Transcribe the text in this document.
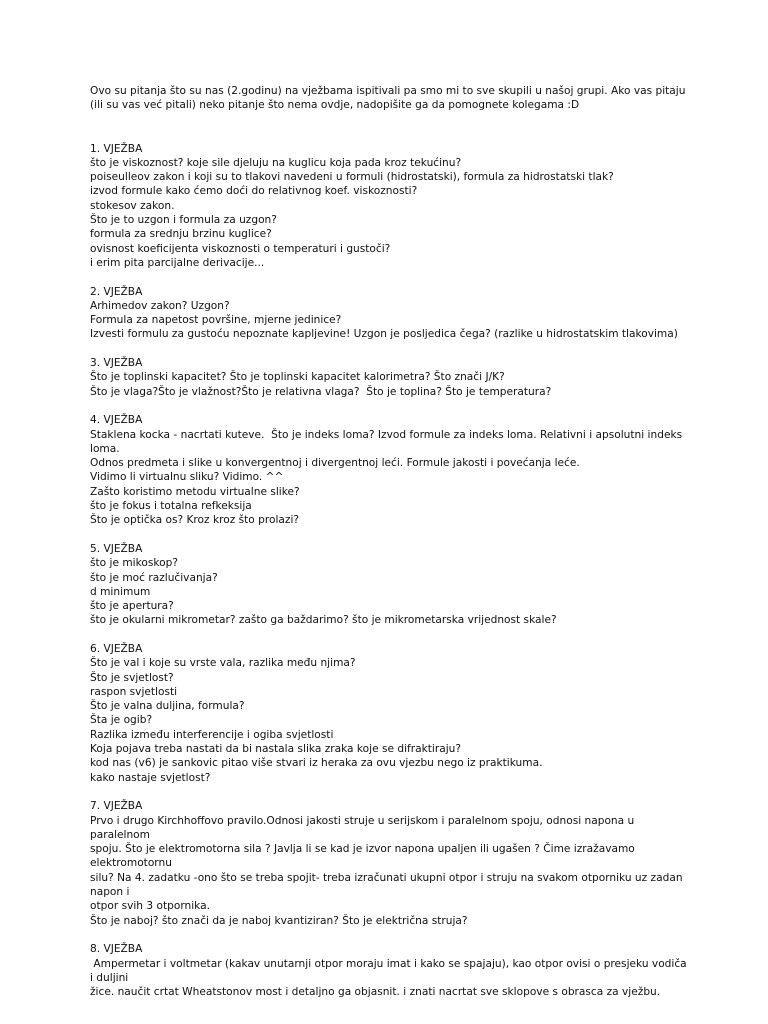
Ovo su pitanja što su nas (2.godinu) na vježbama ispitivali pa smo mi to sve skupili u našoj grupi. Ako vas pitaju (ili su vas već pitali) neko pitanje što nema ovdje, nadopišite ga da pomognete kolegama :D

1. VJEŽBA
što je viskoznost? koje sile djeluju na kuglicu koja pada kroz tekućinu?
poiseulleov zakon i koji su to tlakovi navedeni u formuli (hidrostatski), formula za hidrostatski tlak?
izvod formule kako ćemo doći do relativnog koef. viskoznosti?
stokesov zakon.
Što je to uzgon i formula za uzgon?
formula za srednju brzinu kuglice?
ovisnost koeficijenta viskoznosti o temperaturi i gustoči?
i erim pita parcijalne derivacije...
2. VJEŽBA
Arhimedov zakon? Uzgon?
Formula za napetost površine, mjerne jedinice?
Izvesti formulu za gustoću nepoznate kapljevine! Uzgon je posljedica čega? (razlike u hidrostatskim tlakovima)
3. VJEŽBA
Što je toplinski kapacitet? Što je toplinski kapacitet kalorimetra? Što znači J/K?
Što je vlaga?Što je vlažnost?Što je relativna vlaga?  Što je toplina? Što je temperatura?
4. VJEŽBA
Staklena kocka - nacrtati kuteve.  Što je indeks loma? Izvod formule za indeks loma. Relativni i apsolutni indeks loma.
Odnos predmeta i slike u konvergentnoj i divergentnoj leći. Formule jakosti i povećanja leće.
Vidimo li virtualnu sliku? Vidimo. ^^
Zašto koristimo metodu virtualne slike?
što je fokus i totalna refkeksija
Što je optička os? Kroz kroz što prolazi?
5. VJEŽBA
što je mikoskop?
što je moć razlučivanja?
d minimum
što je apertura?
što je okularni mikrometar? zašto ga baždarimo? što je mikrometarska vrijednost skale?
6. VJEŽBA
Što je val i koje su vrste vala, razlika među njima?
Što je svjetlost?
raspon svjetlosti
Što je valna duljina, formula?
Šta je ogib?
Razlika između interferencije i ogiba svjetlosti
Koja pojava treba nastati da bi nastala slika zraka koje se difraktiraju?
kod nas (v6) je sankovic pitao više stvari iz heraka za ovu vjezbu nego iz praktikuma.
kako nastaje svjetlost?
7. VJEŽBA
Prvo i drugo Kirchhoffovo pravilo.Odnosi jakosti struje u serijskom i paralelnom spoju, odnosi napona u paralelnom
spoju. Što je elektromotorna sila ? Javlja li se kad je izvor napona upaljen ili ugašen ? Čime izražavamo elektromotornu
silu? Na 4. zadatku -ono što se treba spojit- treba izračunati ukupni otpor i struju na svakom otporniku uz zadan napon i
otpor svih 3 otpornika.
Što je naboj? što znači da je naboj kvantiziran? Što je električna struja?
8. VJEŽBA
Ampermetar i voltmetar (kakav unutarnji otpor moraju imat i kako se spajaju), kao otpor ovisi o presjeku vodiča i duljini
žice. naučit crtat Wheatstonov most i detaljno ga objasnit. i znati nacrtat sve sklopove s obrasca za vježbu.
